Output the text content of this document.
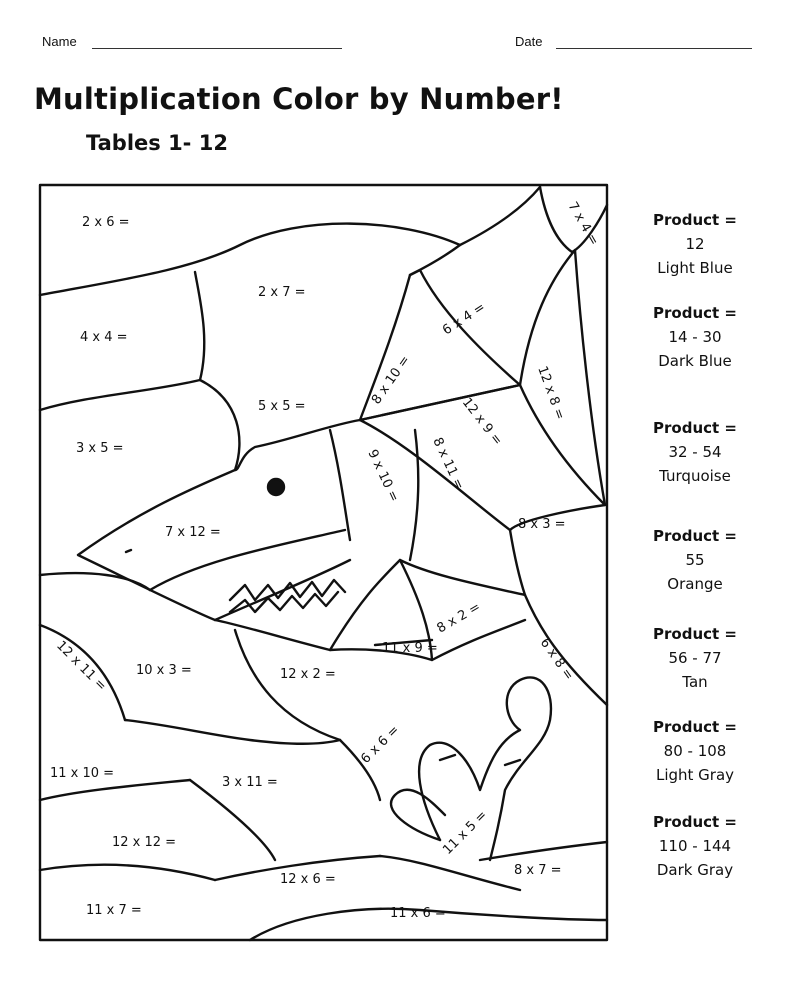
Name	Date
Multiplication Color by Number!
Tables 1- 12
2 x 6 =	7 x 4 =
2 x 7 =
6 x 4 =
4 x 4 =
12 x 8 =
8 x 10 =
5 x 5 =	12 x 9 =
3 x 5 =	9 x 10 = 8 x 11 =
7 x 12 =
8 x 3 =
8 x 2 =
11 x 9 =	6 x 8 =
12 x 11 = 10 x 3 =	12 x 2 =
6 x 6 =
11 x 10 =
3 x 11 =
12 x 12 =	11 x 5 =
12 x 6 =
8 x 7 =
11 x 7 =	11 x 6 =
Product =
12
Light Blue
Product =
14 - 30
Dark Blue
Product =
32 - 54
Turquoise
Product =
55
Orange
Product =
56 - 77
Tan
Product =
80 - 108
Light Gray
Product =
110 - 144
Dark Gray
